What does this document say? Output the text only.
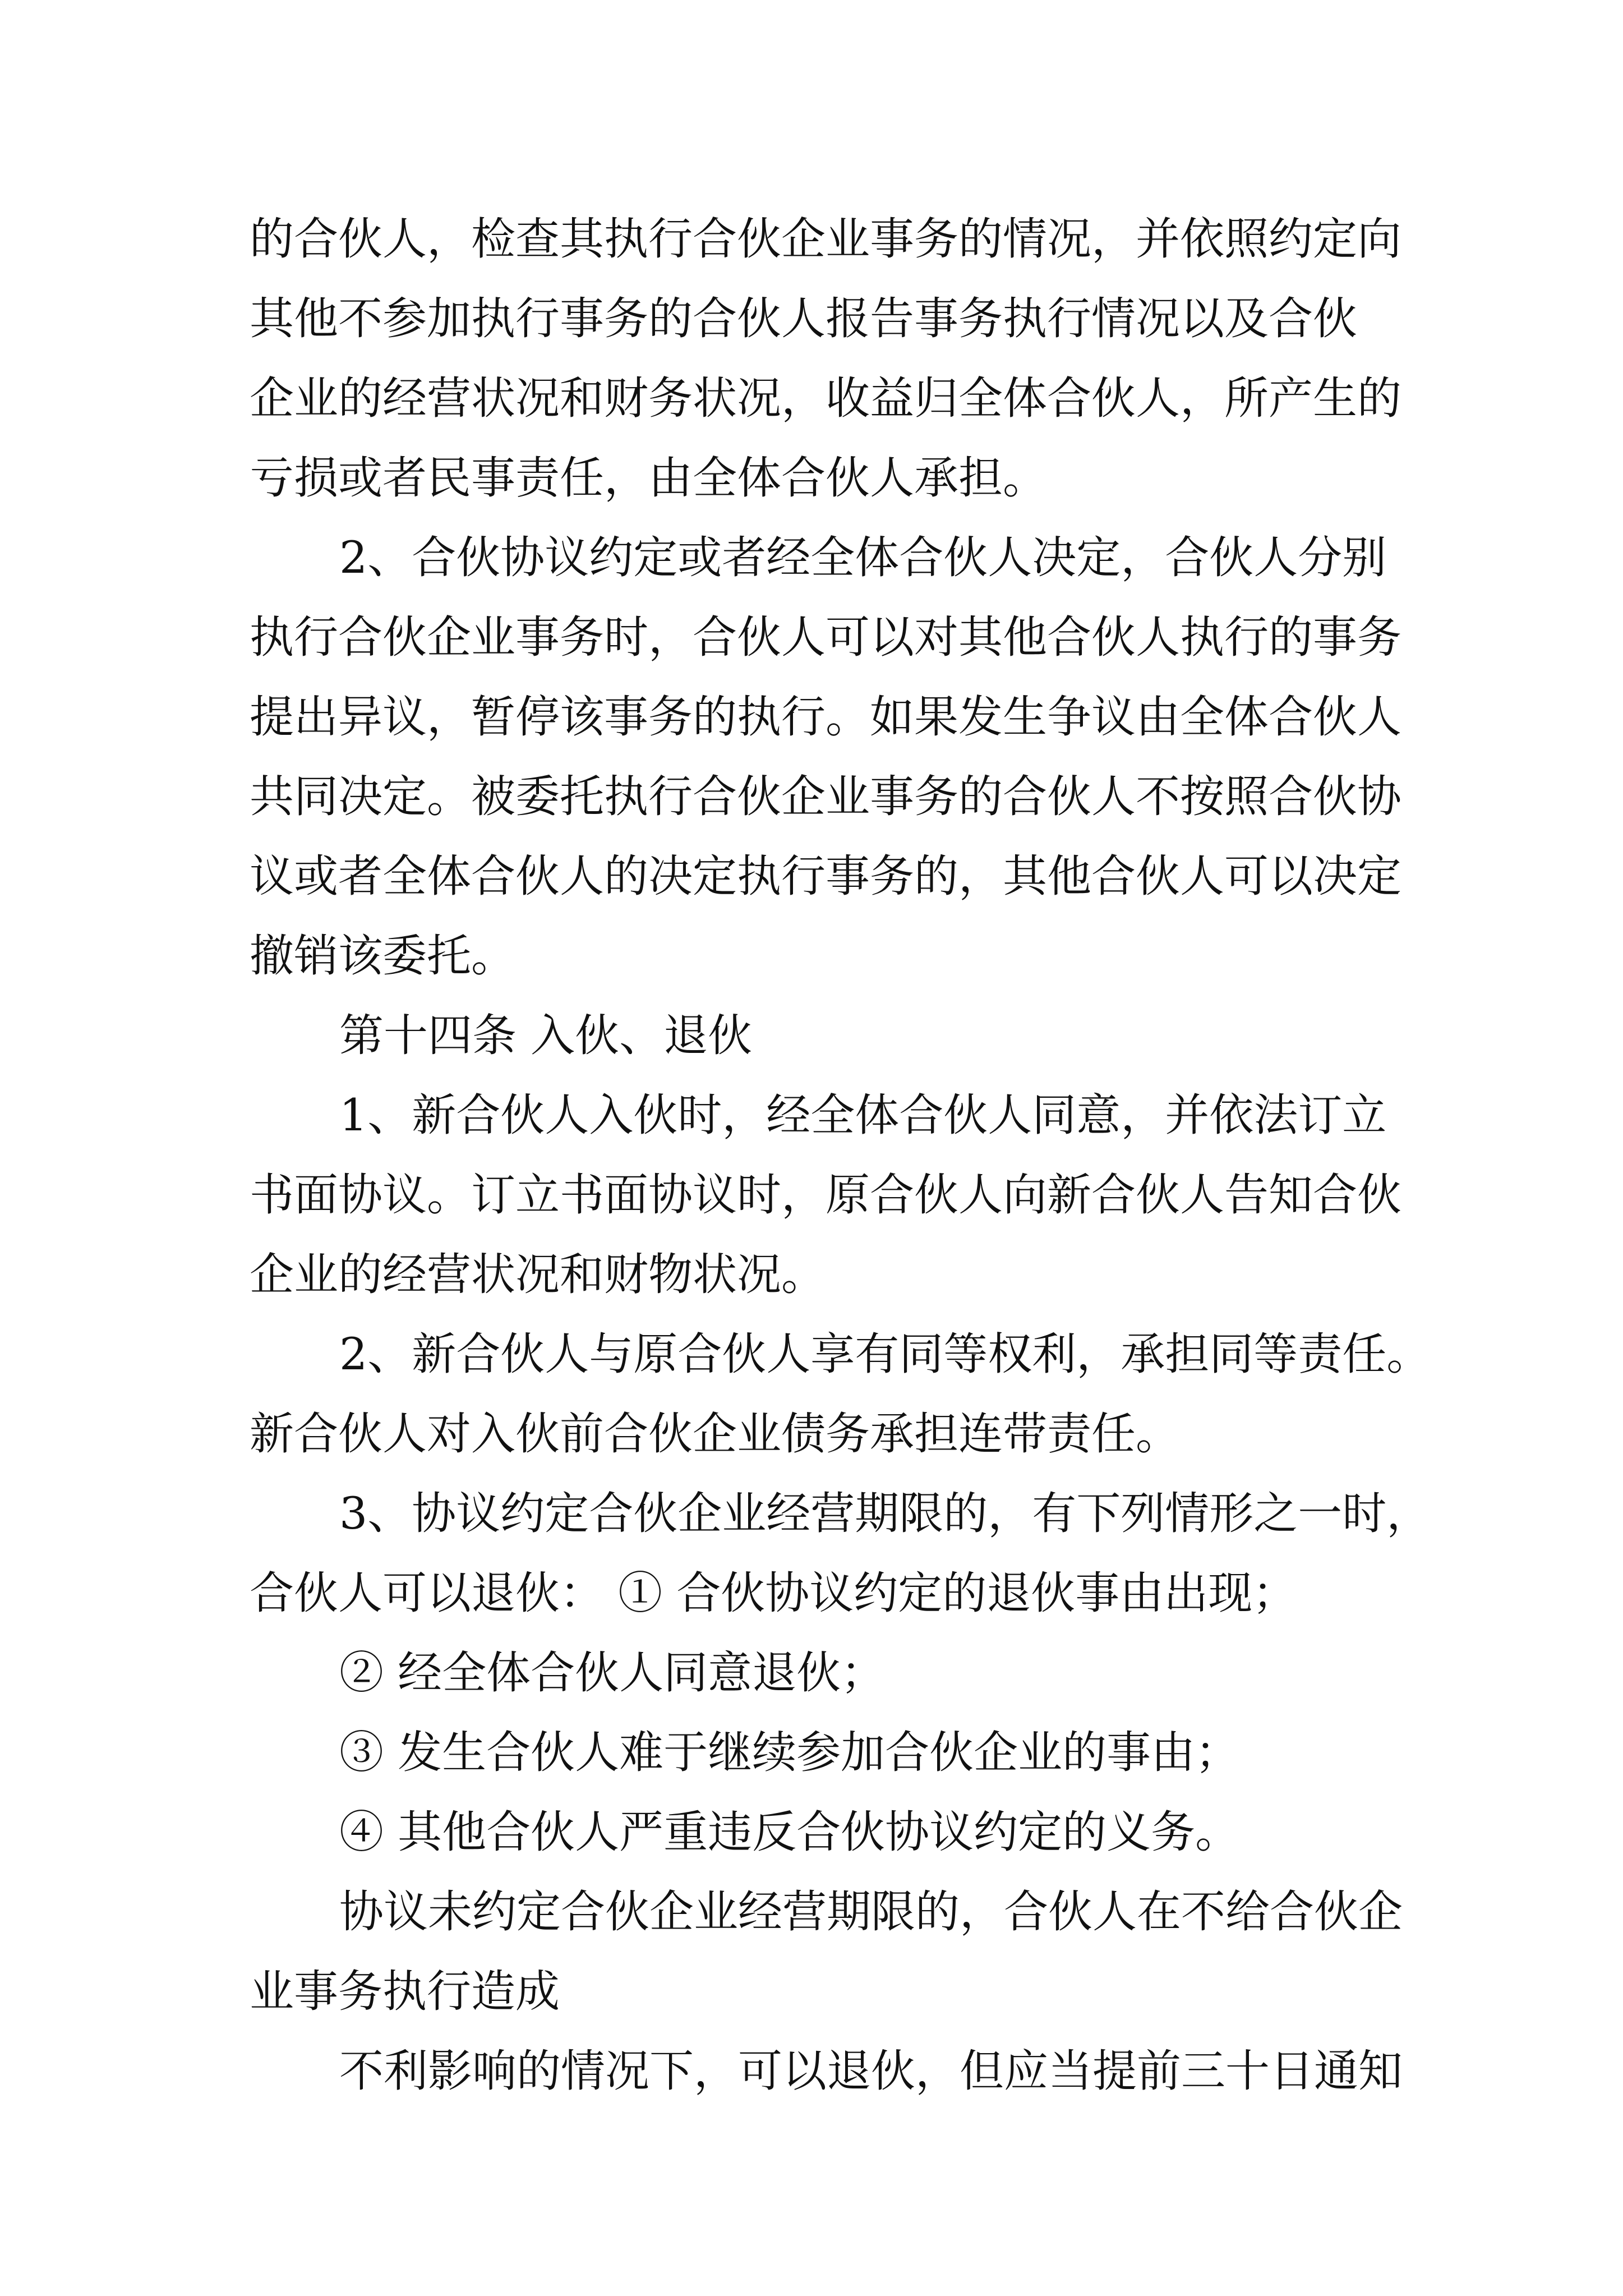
的合伙人，检查其执行合伙企业事务的情况，并依照约定向
其他不参加执行事务的合伙人报告事务执行情况以及合伙
企业的经营状况和财务状况，收益归全体合伙人，所产生的
亏损或者民事责任，由全体合伙人承担。
2、合伙协议约定或者经全体合伙人决定，合伙人分别
执行合伙企业事务时，合伙人可以对其他合伙人执行的事务
提出异议，暂停该事务的执行。如果发生争议由全体合伙人
共同决定。被委托执行合伙企业事务的合伙人不按照合伙协
议或者全体合伙人的决定执行事务的，其他合伙人可以决定
撤销该委托。
第十四条 入伙、退伙
1、新合伙人入伙时，经全体合伙人同意，并依法订立
书面协议。订立书面协议时，原合伙人向新合伙人告知合伙
企业的经营状况和财物状况。
2、新合伙人与原合伙人享有同等权利，承担同等责任。
新合伙人对入伙前合伙企业债务承担连带责任。
3、协议约定合伙企业经营期限的，有下列情形之一时，
合伙人可以退伙： ① 合伙协议约定的退伙事由出现；
② 经全体合伙人同意退伙；
③ 发生合伙人难于继续参加合伙企业的事由；
④ 其他合伙人严重违反合伙协议约定的义务。
协议未约定合伙企业经营期限的，合伙人在不给合伙企
业事务执行造成
不利影响的情况下，可以退伙，但应当提前三十日通知
